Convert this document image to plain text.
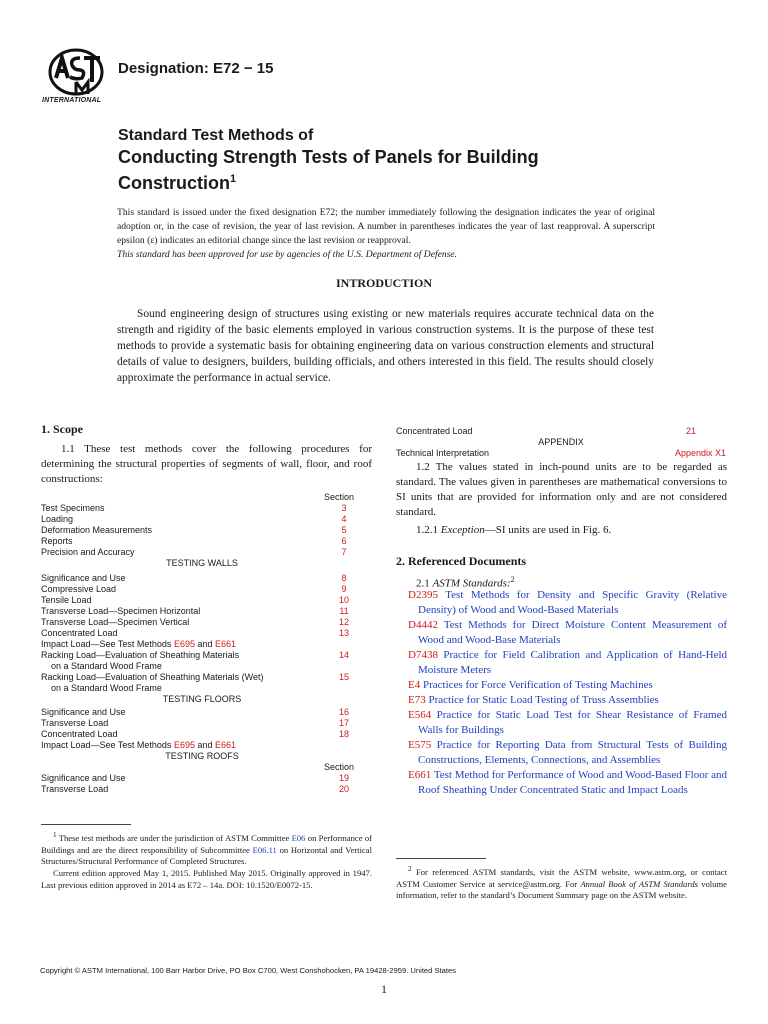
INTERNATIONAL
Designation: E72 − 15
Standard Test Methods of
Conducting Strength Tests of Panels for Building
Construction$^1$
This standard is issued under the fixed designation E72; the number immediately following the designation indicates the year of original adoption or, in the case of revision, the year of last revision. A number in parentheses indicates the year of last reapproval. A superscript epsilon (ε) indicates an editorial change since the last revision or reapproval.
This standard has been approved for use by agencies of the U.S. Department of Defense.
INTRODUCTION
Sound engineering design of structures using existing or new materials requires accurate technical data on the strength and rigidity of the basic elements employed in various construction systems. It is the purpose of these test methods to provide a systematic basis for obtaining engineering data on various construction elements and structural details of value to designers, builders, building officials, and others interested in this field. The results should closely approximate the performance in actual service.
1. Scope
1.1 These test methods cover the following procedures for determining the structural properties of segments of wall, floor, and roof constructions:
Section
Test Specimens	3
Loading	4
Deformation Measurements	5
Reports	6
Precision and Accuracy	7
TESTING WALLS
Significance and Use	8
Compressive Load	9
Tensile Load	10
Transverse Load—Specimen Horizontal	11
Transverse Load—Specimen Vertical	12
Concentrated Load	13
Impact Load—See Test Methods E695 and E661
Racking Load—Evaluation of Sheathing Materials	14
on a Standard Wood Frame
Racking Load—Evaluation of Sheathing Materials (Wet)	15
on a Standard Wood Frame
TESTING FLOORS
Significance and Use	16
Transverse Load	17
Concentrated Load	18
Impact Load—See Test Methods E695 and E661
TESTING ROOFS
Section
Significance and Use	19
Transverse Load	20
$^1$ These test methods are under the jurisdiction of ASTM Committee E06 on Performance of Buildings and are the direct responsibility of Subcommittee E06.11 on Horizontal and Vertical Structures/Structural Performance of Completed Structures.
Current edition approved May 1, 2015. Published May 2015. Originally approved in 1947. Last previous edition approved in 2014 as E72 – 14a. DOI: 10.1520/E0072-15.
Concentrated Load	21
APPENDIX
Technical Interpretation	Appendix X1
1.2 The values stated in inch-pound units are to be regarded as standard. The values given in parentheses are mathematical conversions to SI units that are provided for information only and are not considered standard.
1.2.1 Exception—SI units are used in Fig. 6.
2. Referenced Documents
2.1 ASTM Standards:$^2$
D2395 Test Methods for Density and Specific Gravity (Relative Density) of Wood and Wood-Based Materials
D4442 Test Methods for Direct Moisture Content Measurement of Wood and Wood-Base Materials
D7438 Practice for Field Calibration and Application of Hand-Held Moisture Meters
E4 Practices for Force Verification of Testing Machines
E73 Practice for Static Load Testing of Truss Assemblies
E564 Practice for Static Load Test for Shear Resistance of Framed Walls for Buildings
E575 Practice for Reporting Data from Structural Tests of Building Constructions, Elements, Connections, and Assemblies
E661 Test Method for Performance of Wood and Wood-Based Floor and Roof Sheathing Under Concentrated Static and Impact Loads
$^2$ For referenced ASTM standards, visit the ASTM website, www.astm.org, or contact ASTM Customer Service at service@astm.org. For Annual Book of ASTM Standards volume information, refer to the standard’s Document Summary page on the ASTM website.
Copyright © ASTM International, 100 Barr Harbor Drive, PO Box C700, West Conshohocken, PA 19428-2959. United States
1
